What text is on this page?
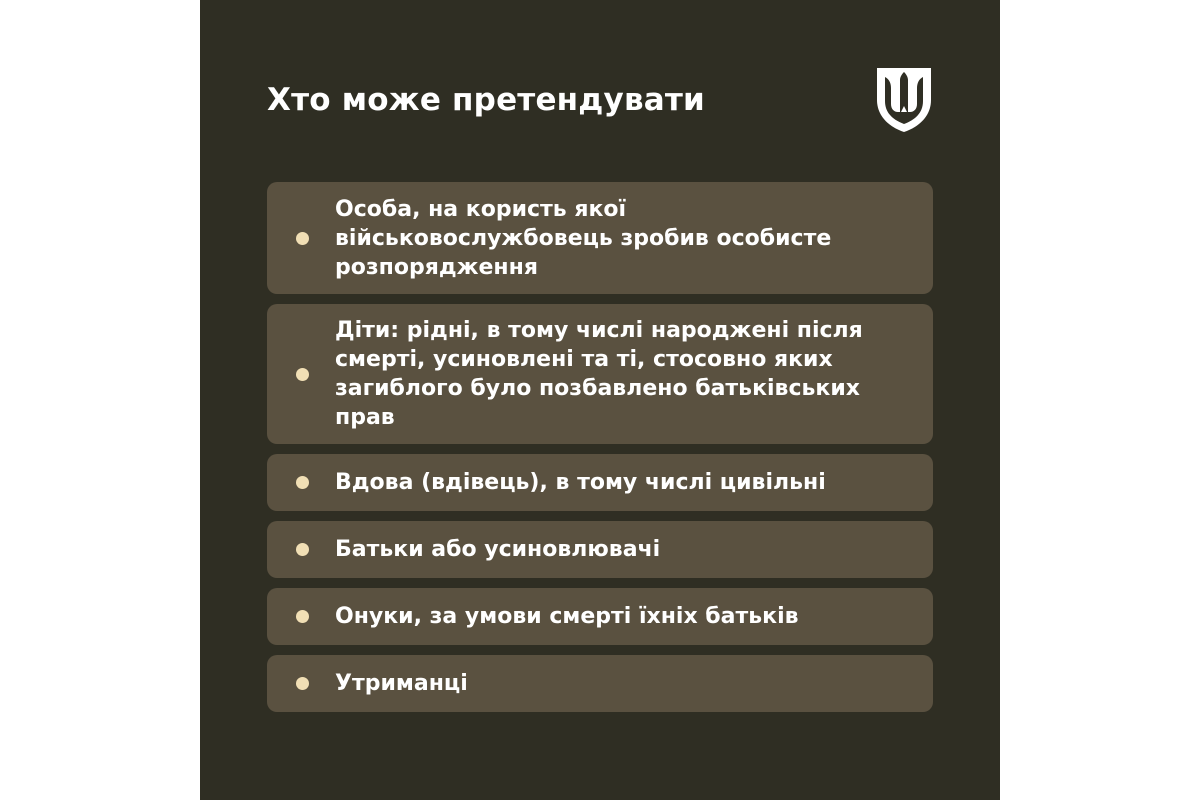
Хто може претендувати
Особа, на користь якої військовослужбовець зробив особисте розпорядження
Діти: рідні, в тому числі народжені після смерті, усиновлені та ті, стосовно яких загиблого було позбавлено батьківських прав
Вдова (вдівець), в тому числі цивільні
Батьки або усиновлювачі
Онуки, за умови смерті їхніх батьків
Утриманці
